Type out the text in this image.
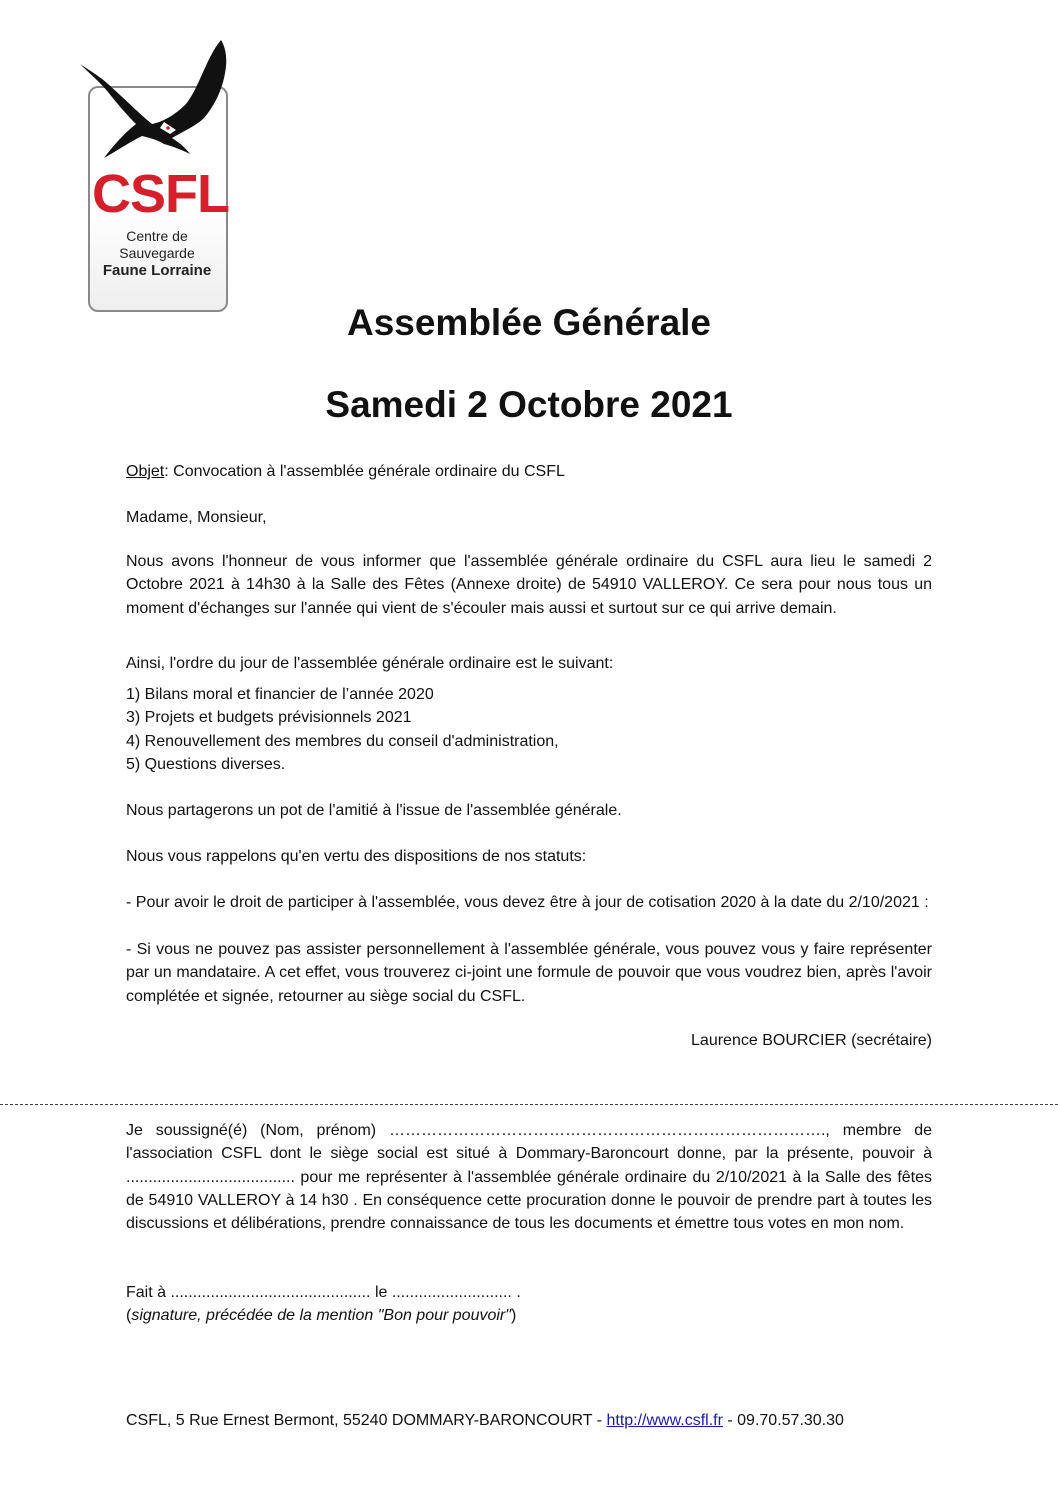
CSFL
Centre de Sauvegarde
Faune Lorraine
Assemblée Générale
Samedi 2 Octobre 2021
Objet: Convocation à l'assemblée générale ordinaire du CSFL
Madame, Monsieur,
Nous avons l'honneur de vous informer que l'assemblée générale ordinaire du CSFL aura lieu le samedi 2 Octobre 2021 à 14h30 à la Salle des Fêtes (Annexe droite) de 54910 VALLEROY. Ce sera pour nous tous un moment d'échanges sur l'année qui vient de s'écouler mais aussi et surtout sur ce qui arrive demain.
Ainsi, l'ordre du jour de l'assemblée générale ordinaire est le suivant:
1) Bilans moral et financier de l’année 2020
3) Projets et budgets prévisionnels 2021
4) Renouvellement des membres du conseil d'administration,
5) Questions diverses.
Nous partagerons un pot de l'amitié à l'issue de l'assemblée générale.
Nous vous rappelons qu'en vertu des dispositions de nos statuts:
- Pour avoir le droit de participer à l'assemblée, vous devez être à jour de cotisation 2020 à la date du 2/10/2021 :
- Si vous ne pouvez pas assister personnellement à l'assemblée générale, vous pouvez vous y faire représenter par un mandataire. A cet effet, vous trouverez ci-joint une formule de pouvoir que vous voudrez bien, après l'avoir complétée et signée, retourner au siège social du CSFL.
Laurence BOURCIER (secrétaire)
Je soussigné(é) (Nom, prénom) ………………………………………………………………………., membre de l'association CSFL dont le siège social est situé à Dommary-Baroncourt donne, par la présente, pouvoir à ...................................... pour me représenter à l'assemblée générale ordinaire du 2/10/2021 à la Salle des fêtes de 54910 VALLEROY à 14 h30 . En conséquence cette procuration donne le pouvoir de prendre part à toutes les discussions et délibérations, prendre connaissance de tous les documents et émettre tous votes en mon nom.
Fait à ............................................. le ........................... .
(signature, précédée de la mention "Bon pour pouvoir")
CSFL, 5 Rue Ernest Bermont, 55240 DOMMARY-BARONCOURT - http://www.csfl.fr - 09.70.57.30.30
